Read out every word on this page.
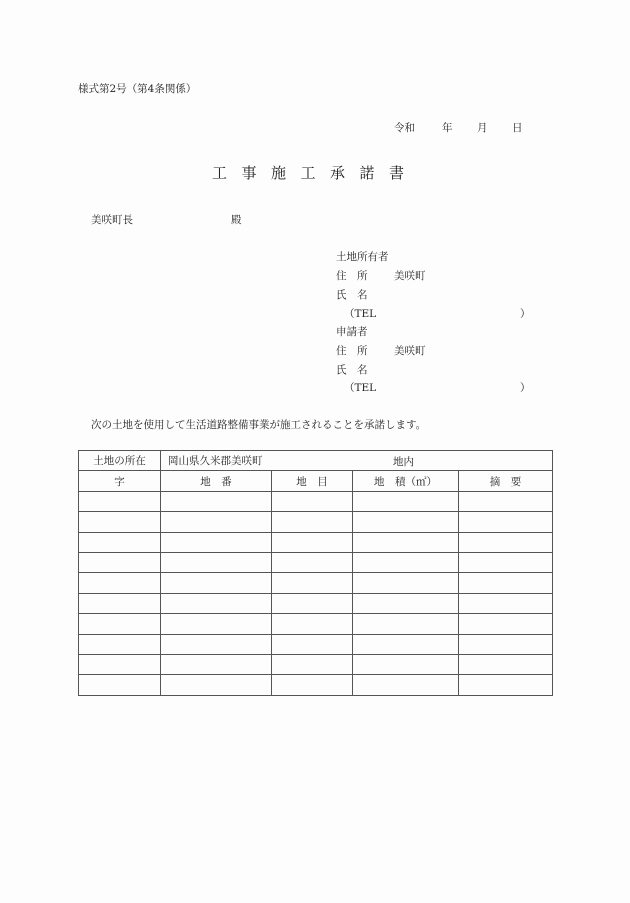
様式第2号（第4条関係）
令和	年 月 日
工 事 施 工 承 諾 書
美咲町長	殿
土地所有者
住　所	美咲町
氏　名
（TEL	）
申請者
住　所	美咲町
氏　名
（TEL	）
次の土地を使用して生活道路整備事業が施工されることを承諾します。
土地の所在	岡山県久米郡美咲町 地内			

字	地　番	地　目	地　積（㎡）	摘　要
